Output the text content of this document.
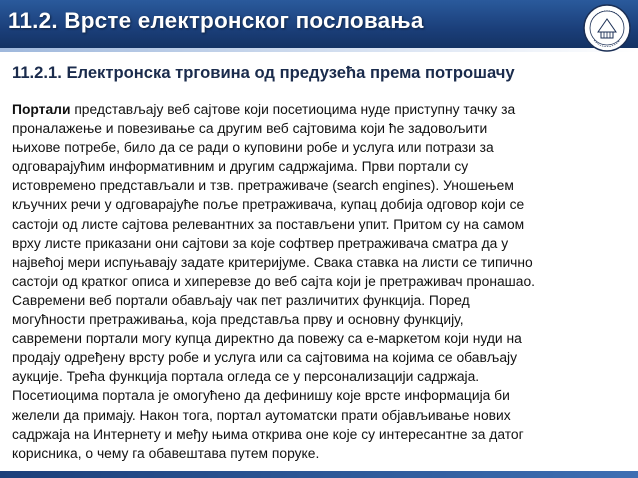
11.2. Врсте електронског пословања
11.2.1. Електронска трговина од предузећа према потрошачу
Портали представљају веб сајтове који посетиоцима нуде приступну тачку за
проналажење и повезивање са другим веб сајтовима који ће задовољити
њихове потребе, било да се ради о куповини робе и услуга или потрази за
одговарајућим информативним и другим садржајима. Први портали су
истовремено представљали и тзв. претраживаче (search engines). Уношењем
кључних речи у одговарајуће поље претраживача, купац добија одговор који се
састоји од листе сајтова релевантних за постављени упит. Притом су на самом
врху листе приказани они сајтови за које софтвер претраживача сматра да у
највећој мери испуњавају задате критеријуме. Свака ставка на листи се типично
састоји од кратког описа и хиперевзе до веб сајта који је претраживач пронашао.
Савремени веб портали обављају чак пет различитих функција. Поред
могућности претраживања, која представља прву и основну функцију,
савремени портали могу купца директно да повежу са е-маркетом који нуди на
продају одређену врсту робе и услуга или са сајтовима на којима се обављају
аукције. Трећа функција портала огледа се у персонализацији садржаја.
Посетиоцима портала је омогућено да дефинишу које врсте информација би
желели да примају. Након тога, портал аутоматски прати објављивање нових
садржаја на Интернету и међу њима открива оне које су интересантне за датог
корисника, о чему га обавештава путем поруке.
